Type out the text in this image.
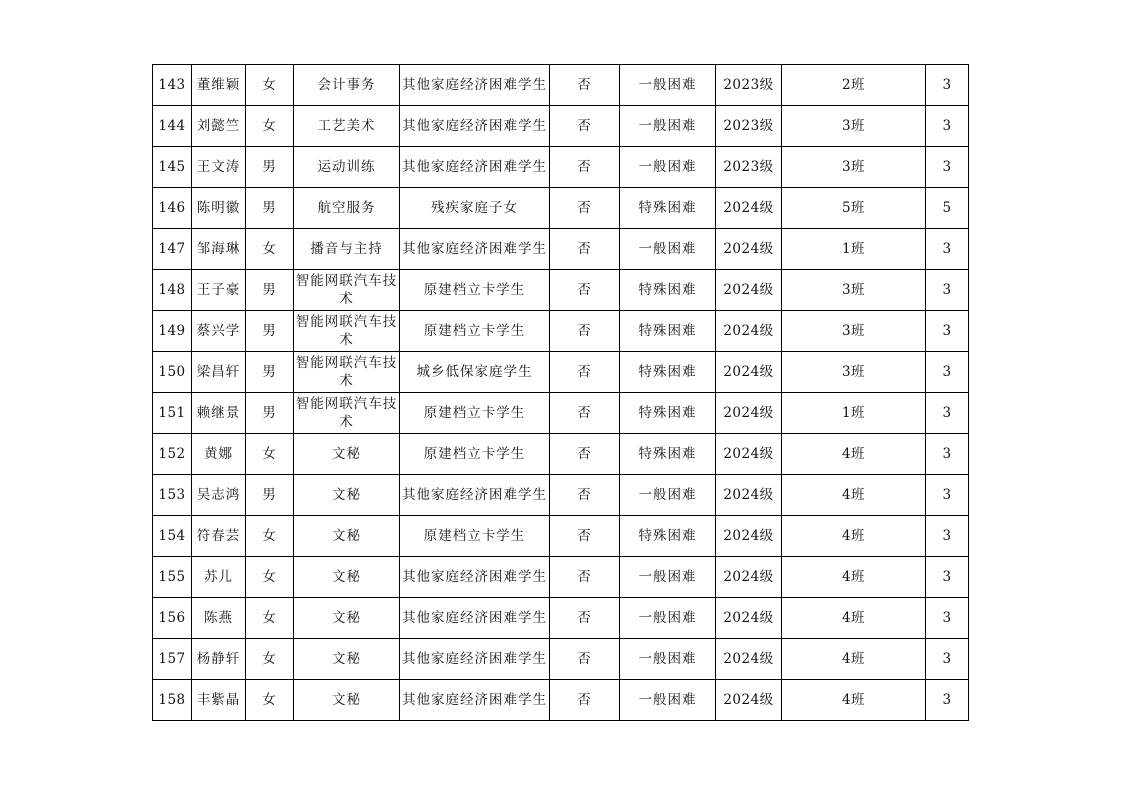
143	董维颖	女	会计事务	其他家庭经济困难学生	否	一般困难	2023级	2班	3
144	刘懿竺	女	工艺美术	其他家庭经济困难学生	否	一般困难	2023级	3班	3
145	王文涛	男	运动训练	其他家庭经济困难学生	否	一般困难	2023级	3班	3
146	陈明徽	男	航空服务	残疾家庭子女	否	特殊困难	2024级	5班	5
147	邹海琳	女	播音与主持	其他家庭经济困难学生	否	一般困难	2024级	1班	3
148	王子豪	男	智能网联汽车技术	原建档立卡学生	否	特殊困难	2024级	3班	3
149	蔡兴学	男	智能网联汽车技术	原建档立卡学生	否	特殊困难	2024级	3班	3
150	梁昌轩	男	智能网联汽车技术	城乡低保家庭学生	否	特殊困难	2024级	3班	3
151	赖继景	男	智能网联汽车技术	原建档立卡学生	否	特殊困难	2024级	1班	3
152	黄娜	女	文秘	原建档立卡学生	否	特殊困难	2024级	4班	3
153	吴志鸿	男	文秘	其他家庭经济困难学生	否	一般困难	2024级	4班	3
154	符春芸	女	文秘	原建档立卡学生	否	特殊困难	2024级	4班	3
155	苏儿	女	文秘	其他家庭经济困难学生	否	一般困难	2024级	4班	3
156	陈燕	女	文秘	其他家庭经济困难学生	否	一般困难	2024级	4班	3
157	杨静轩	女	文秘	其他家庭经济困难学生	否	一般困难	2024级	4班	3
158	丰紫晶	女	文秘	其他家庭经济困难学生	否	一般困难	2024级	4班	3
